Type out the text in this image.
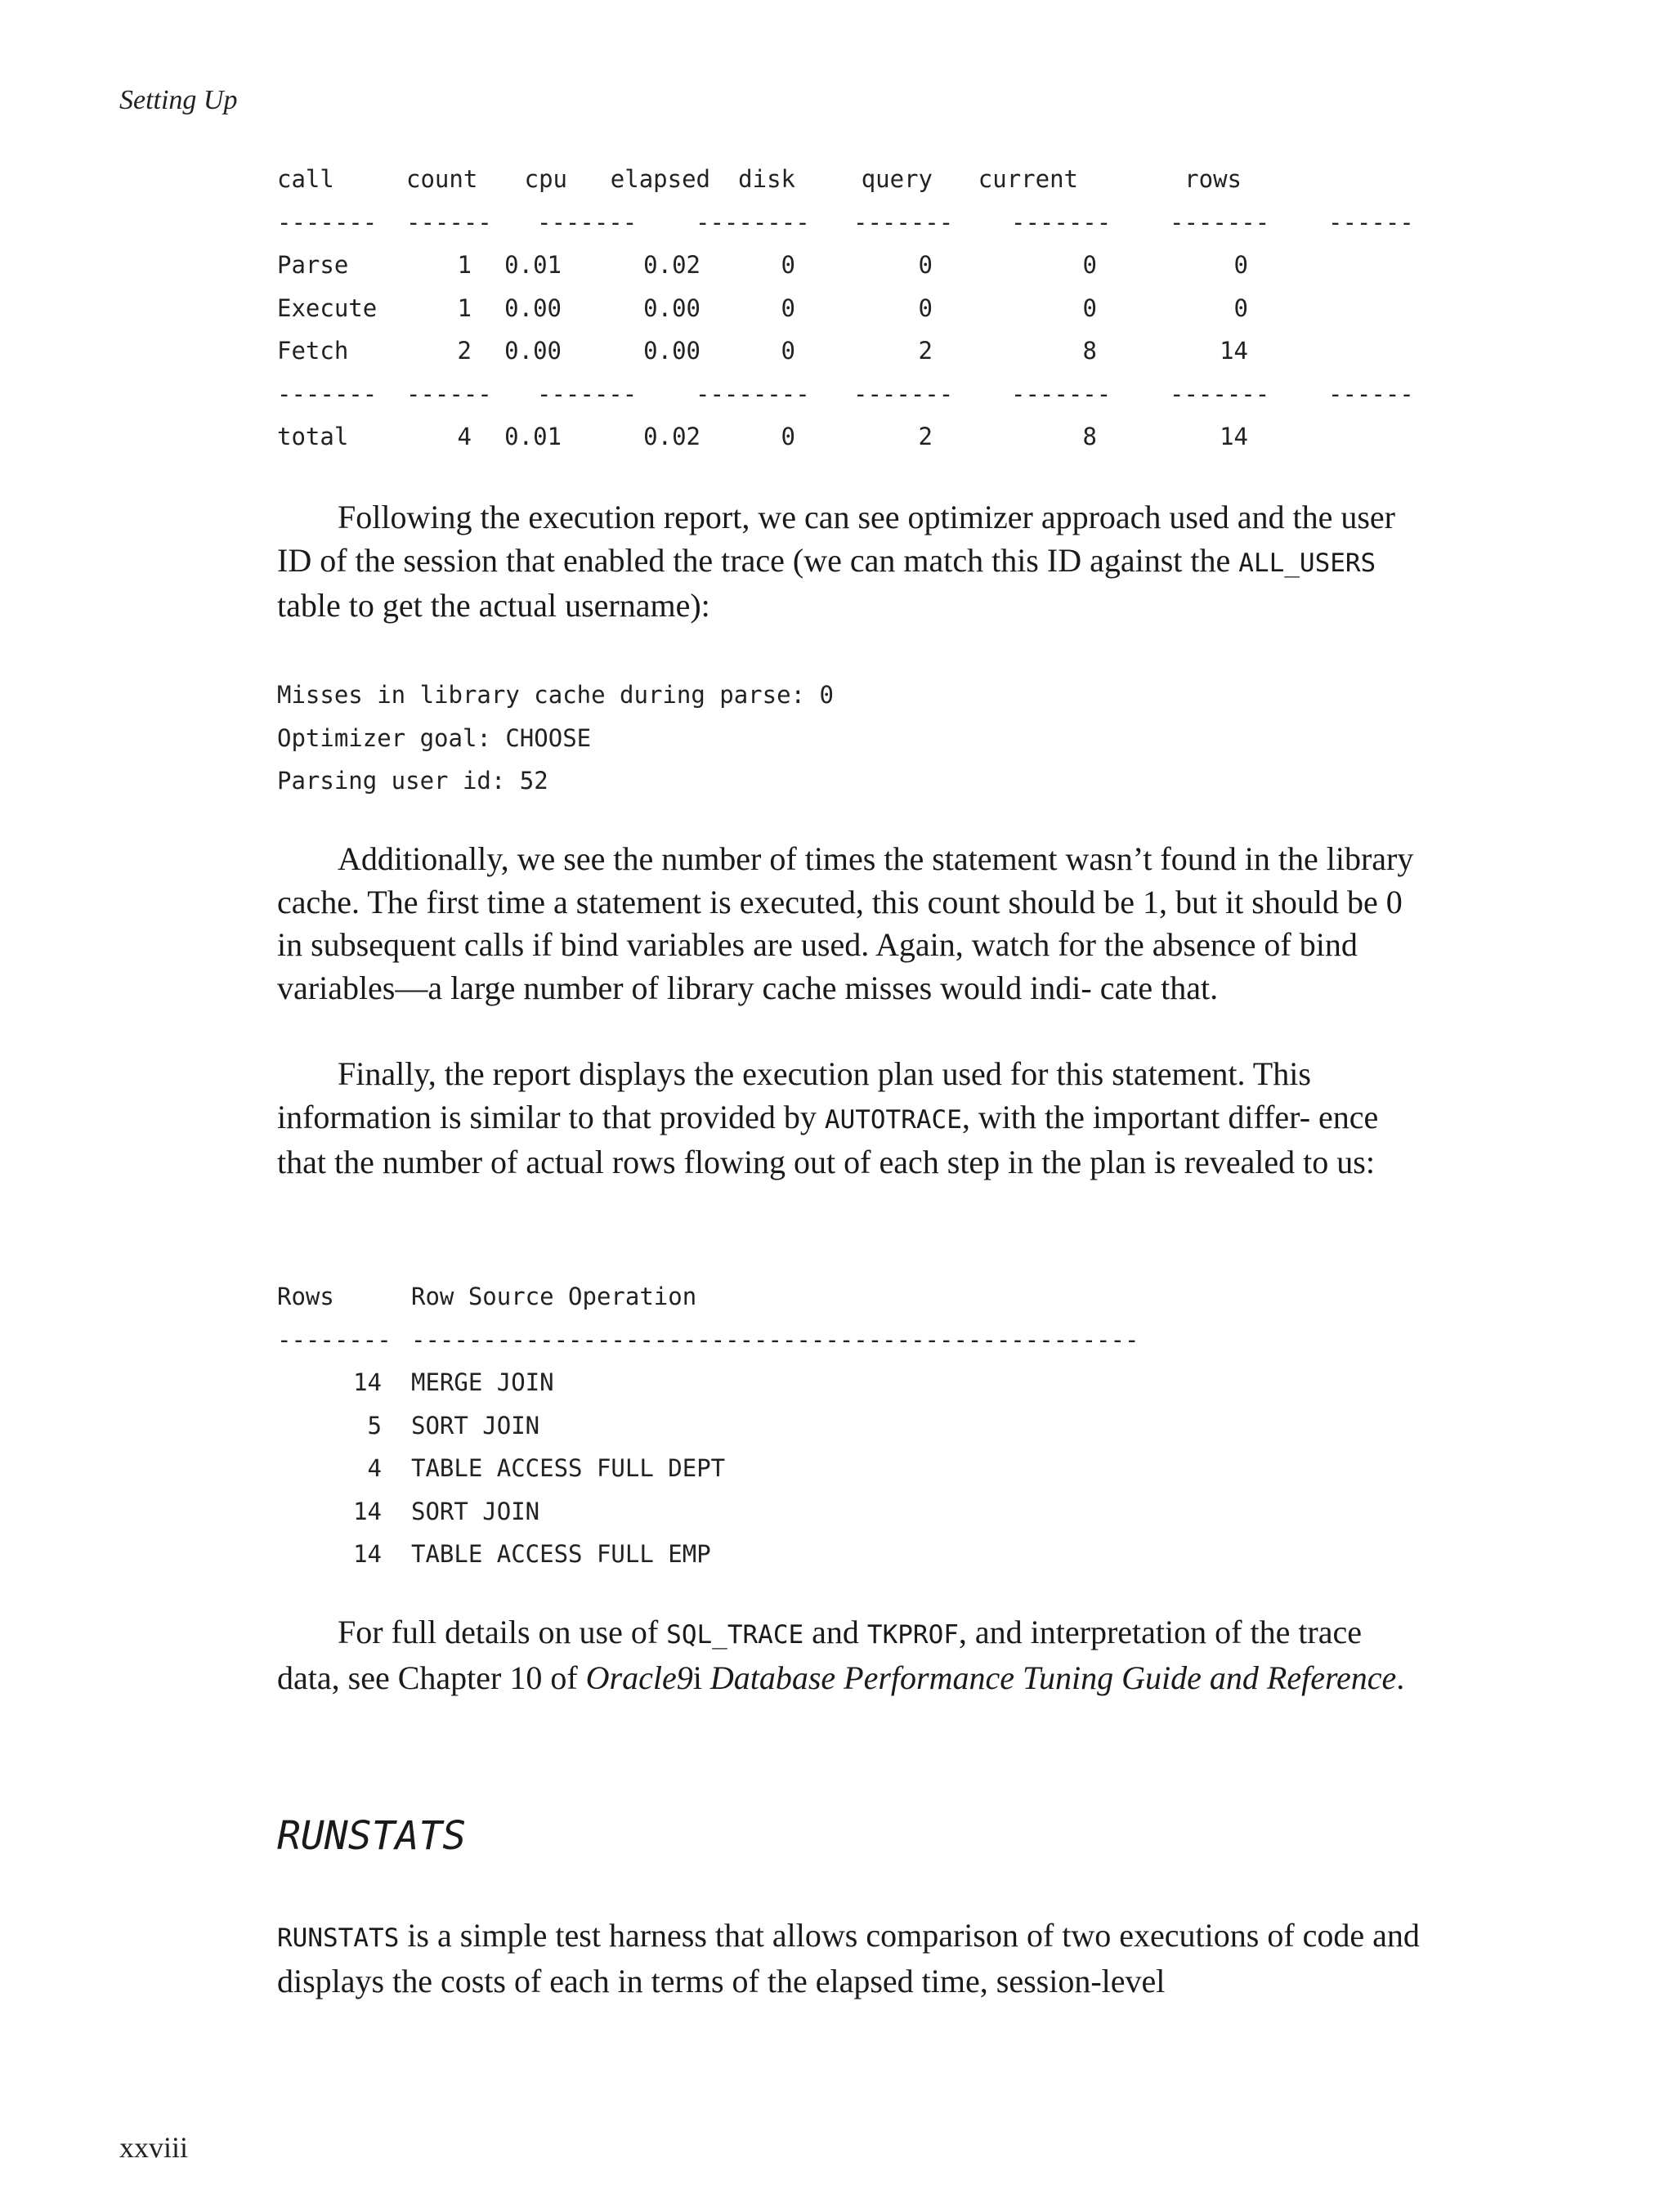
Setting Up
call	count	cpu	elapsed	disk	query	current	rows
------- ------ ------- -------- ------- ------- ------- ------
Parse	1	0.01	0.02	0	0	0	0
Execute	1	0.00	0.00	0	0	0	0
Fetch	2	0.00	0.00	0	2	8	14
------- ------ ------- -------- ------- ------- ------- ------
total	4	0.01	0.02	0	2	8	14

Following the execution report, we can see optimizer approach used and the user ID of the session that enabled the trace (we can match this ID against the ALL_USERS table to get the actual username):

Misses in library cache during parse: 0
Optimizer goal: CHOOSE
Parsing user id: 52

Additionally, we see the number of times the statement wasn’t found in the library cache. The first time a statement is executed, this count should be 1, but it should be 0 in subsequent calls if bind variables are used. Again, watch for the absence of bind variables—a large number of library cache misses would indi- cate that.

Finally, the report displays the execution plan used for this statement. This information is similar to that provided by AUTOTRACE, with the important differ- ence that the number of actual rows flowing out of each step in the plan is revealed to us:

Rows	Row Source Operation
-------- ---------------------------------------------------
14 MERGE JOIN
5 SORT JOIN
4 TABLE ACCESS FULL DEPT
14 SORT JOIN
14 TABLE ACCESS FULL EMP

For full details on use of SQL_TRACE and TKPROF, and interpretation of the trace data, see Chapter 10 of Oracle9i Database Performance Tuning Guide and Reference.

RUNSTATS

RUNSTATS is a simple test harness that allows comparison of two executions of code and displays the costs of each in terms of the elapsed time, session-level

xxviii
